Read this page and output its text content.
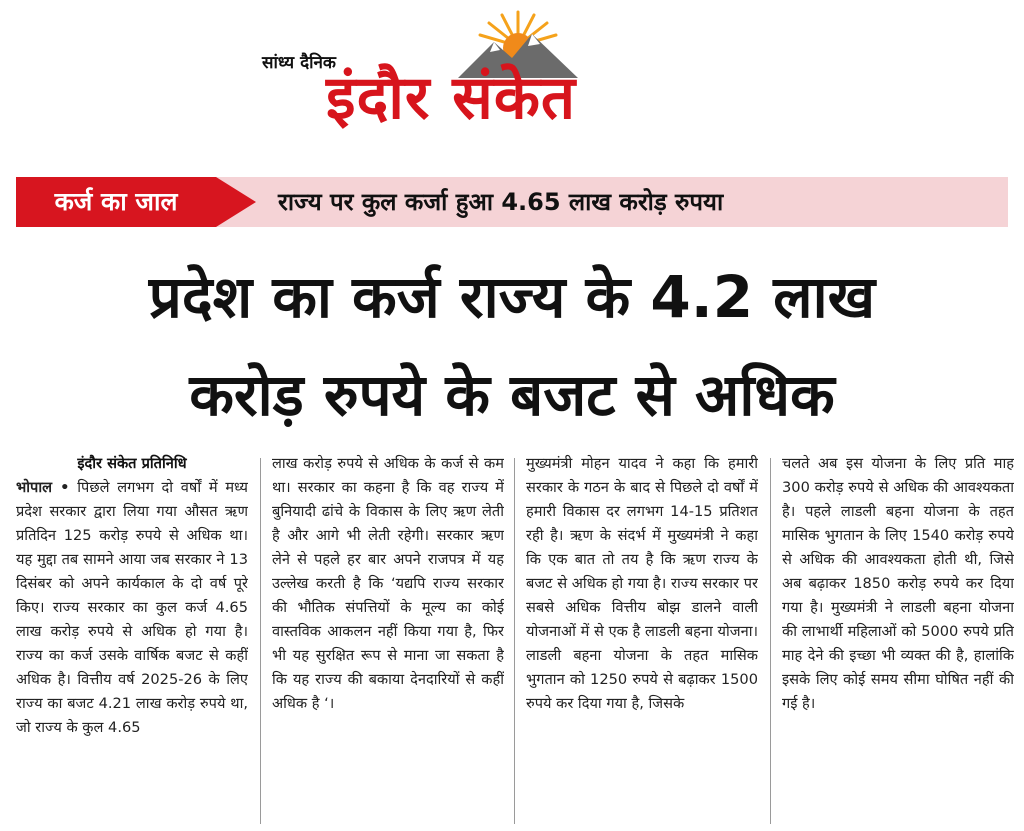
सांध्य दैनिक
इंदौर संकेत
कर्ज का जाल	राज्य पर कुल कर्जा हुआ 4.65 लाख करोड़ रुपया
प्रदेश का कर्ज राज्य के 4.2 लाख
करोड़ रुपये के बजट से अधिक
इंदौर संकेत प्रतिनिधि

भोपाल • पिछले लगभग दो वर्षों में मध्य प्रदेश सरकार द्वारा लिया गया औसत ऋण प्रतिदिन 125 करोड़ रुपये से अधिक था। यह मुद्दा तब सामने आया जब सरकार ने 13 दिसंबर को अपने कार्यकाल के दो वर्ष पूरे किए। राज्य सरकार का कुल कर्ज 4.65 लाख करोड़ रुपये से अधिक हो गया है। राज्य का कर्ज उसके वार्षिक बजट से कहीं अधिक है। वित्तीय वर्ष 2025-26 के लिए राज्य का बजट 4.21 लाख करोड़ रुपये था, जो राज्य के कुल 4.65

लाख करोड़ रुपये से अधिक के कर्ज से कम था। सरकार का कहना है कि वह राज्य में बुनियादी ढांचे के विकास के लिए ऋण लेती है और आगे भी लेती रहेगी। सरकार ऋण लेने से पहले हर बार अपने राजपत्र में यह उल्लेख करती है कि ‘यद्यपि राज्य सरकार की भौतिक संपत्तियों के मूल्य का कोई वास्तविक आकलन नहीं किया गया है, फिर भी यह सुरक्षित रूप से माना जा सकता है कि यह राज्य की बकाया देनदारियों से कहीं अधिक है ‘।

मुख्यमंत्री मोहन यादव ने कहा कि हमारी सरकार के गठन के बाद से पिछले दो वर्षों में हमारी विकास दर लगभग 14-15 प्रतिशत रही है। ऋण के संदर्भ में मुख्यमंत्री ने कहा कि एक बात तो तय है कि ऋण राज्य के बजट से अधिक हो गया है। राज्य सरकार पर सबसे अधिक वित्तीय बोझ डालने वाली योजनाओं में से एक है लाडली बहना योजना। लाडली बहना योजना के तहत मासिक भुगतान को 1250 रुपये से बढ़ाकर 1500 रुपये कर दिया गया है, जिसके

चलते अब इस योजना के लिए प्रति माह 300 करोड़ रुपये से अधिक की आवश्यकता है। पहले लाडली बहना योजना के तहत मासिक भुगतान के लिए 1540 करोड़ रुपये से अधिक की आवश्यकता होती थी, जिसे अब बढ़ाकर 1850 करोड़ रुपये कर दिया गया है। मुख्यमंत्री ने लाडली बहना योजना की लाभार्थी महिलाओं को 5000 रुपये प्रति माह देने की इच्छा भी व्यक्त की है, हालांकि इसके लिए कोई समय सीमा घोषित नहीं की गई है।
